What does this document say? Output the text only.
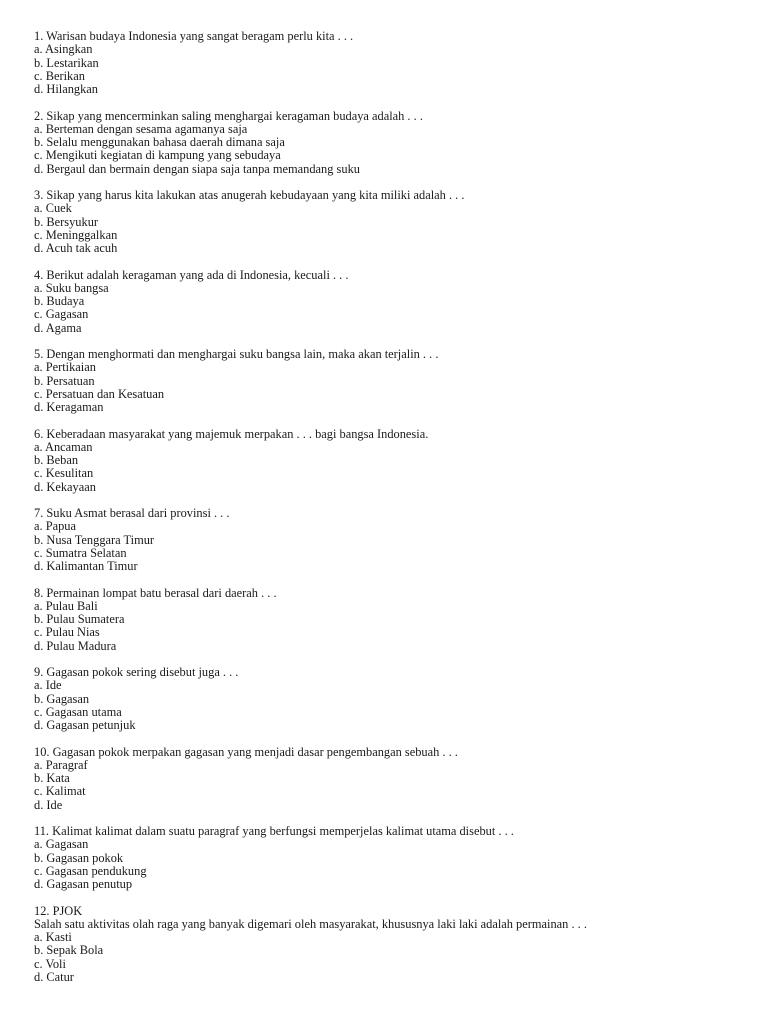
1. Warisan budaya Indonesia yang sangat beragam perlu kita . . .
a. Asingkan
b. Lestarikan
c. Berikan
d. Hilangkan
2. Sikap yang mencerminkan saling menghargai keragaman budaya adalah . . .
a. Berteman dengan sesama agamanya saja
b. Selalu menggunakan bahasa daerah dimana saja
c. Mengikuti kegiatan di kampung yang sebudaya
d. Bergaul dan bermain dengan siapa saja tanpa memandang suku
3. Sikap yang harus kita lakukan atas anugerah kebudayaan yang kita miliki adalah . . .
a. Cuek
b. Bersyukur
c. Meninggalkan
d. Acuh tak acuh
4. Berikut adalah keragaman yang ada di Indonesia, kecuali . . .
a. Suku bangsa
b. Budaya
c. Gagasan
d. Agama
5. Dengan menghormati dan menghargai suku bangsa lain, maka akan terjalin . . .
a. Pertikaian
b. Persatuan
c. Persatuan dan Kesatuan
d. Keragaman
6. Keberadaan masyarakat yang majemuk merpakan . . . bagi bangsa Indonesia.
a. Ancaman
b. Beban
c. Kesulitan
d. Kekayaan
7. Suku Asmat berasal dari provinsi . . .
a. Papua
b. Nusa Tenggara Timur
c. Sumatra Selatan
d. Kalimantan Timur
8. Permainan lompat batu berasal dari daerah . . .
a. Pulau Bali
b. Pulau Sumatera
c. Pulau Nias
d. Pulau Madura
9. Gagasan pokok sering disebut juga . . .
a. Ide
b. Gagasan
c. Gagasan utama
d. Gagasan petunjuk
10. Gagasan pokok merpakan gagasan yang menjadi dasar pengembangan sebuah . . .
a. Paragraf
b. Kata
c. Kalimat
d. Ide
11. Kalimat kalimat dalam suatu paragraf yang berfungsi memperjelas kalimat utama disebut . . .
a. Gagasan
b. Gagasan pokok
c. Gagasan pendukung
d. Gagasan penutup
12. PJOK
Salah satu aktivitas olah raga yang banyak digemari oleh masyarakat, khususnya laki laki adalah permainan . . .
a. Kasti
b. Sepak Bola
c. Voli
d. Catur
